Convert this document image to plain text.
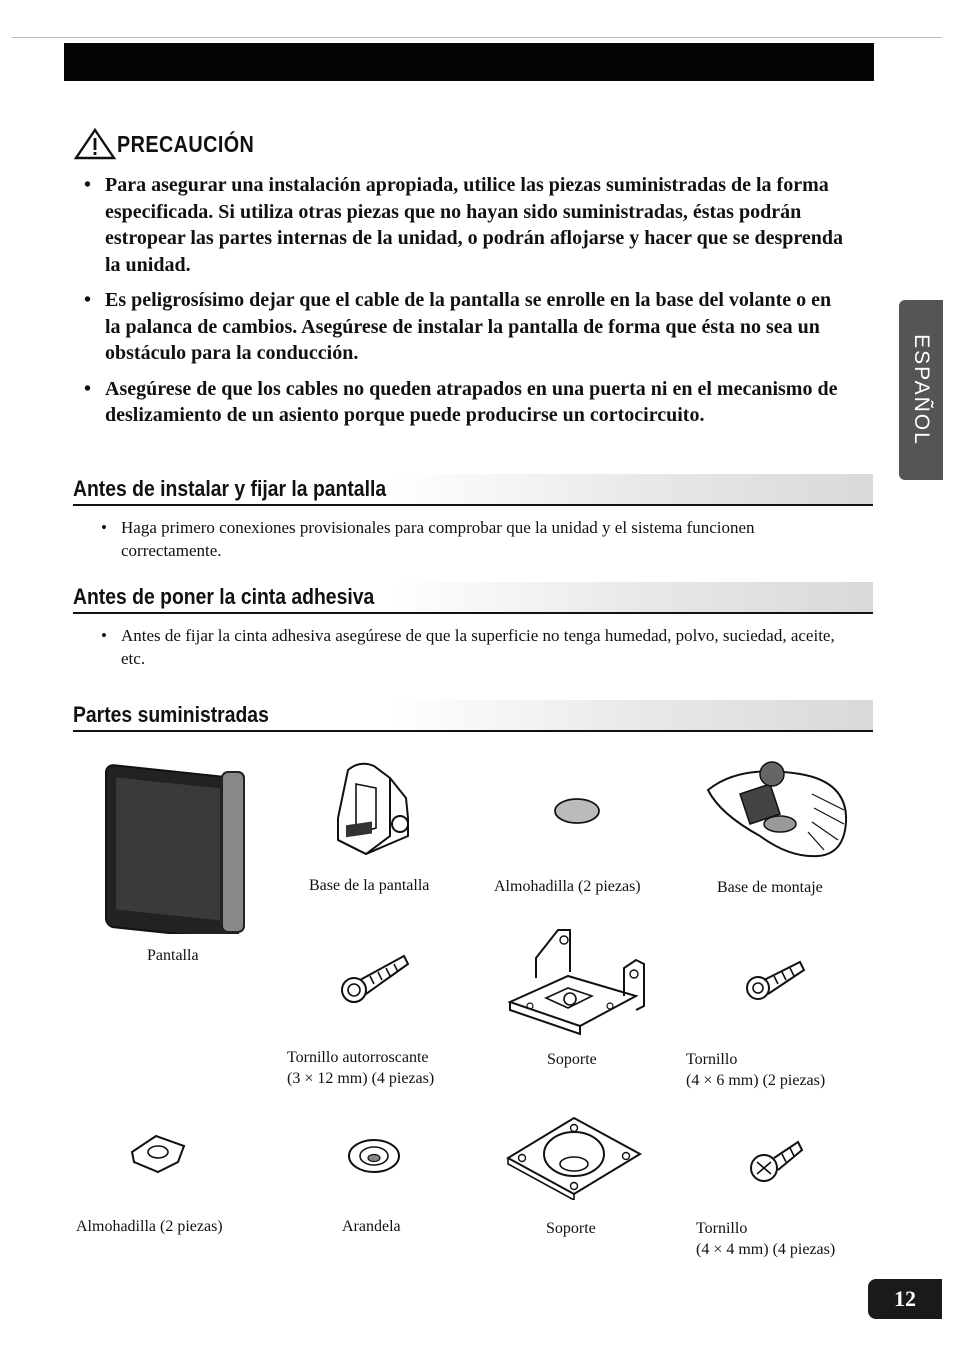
PRECAUCIÓN
• Para asegurar una instalación apropiada, utilice las piezas suministradas de la forma especificada. Si utiliza otras piezas que no hayan sido suministradas, éstas podrán estropear las partes internas de la unidad, o podrán aflojarse y hacer que se desprenda la unidad.
• Es peligrosísimo dejar que el cable de la pantalla se enrolle en la base del volante o en la palanca de cambios. Asegúrese de instalar la pantalla de forma que ésta no sea un obstáculo para la conducción.
• Asegúrese de que los cables no queden atrapados en una puerta ni en el mecanismo de deslizamiento de un asiento porque puede producirse un cortocircuito.	ESPAÑOL
Antes de instalar y fijar la pantalla
• Haga primero conexiones provisionales para comprobar que la unidad y el sistema funcionen correctamente.
Antes de poner la cinta adhesiva
• Antes de fijar la cinta adhesiva asegúrese de que la superficie no tenga humedad, polvo, suciedad, aceite, etc.
Partes suministradas
Pantalla
Base de la pantalla	Almohadilla (2 piezas)	Base de montaje
Tornillo autorroscante
(3 × 12 mm) (4 piezas)
Soporte	Tornillo
(4 × 6 mm) (2 piezas)
Almohadilla (2 piezas)	Arandela	Soporte	Tornillo
(4 × 4 mm) (4 piezas)
12
